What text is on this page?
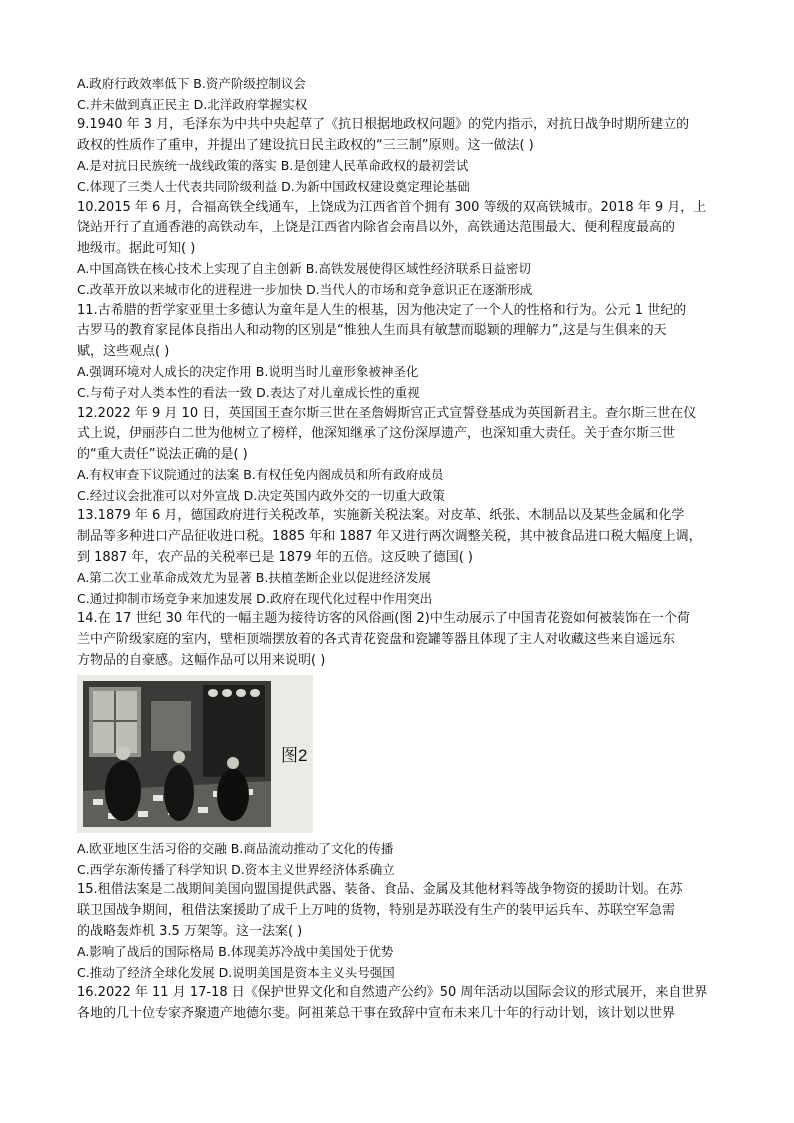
A.政府行政效率低下 B.资产阶级控制议会
C.并未做到真正民主 D.北洋政府掌握实权
9.1940 年 3 月，毛泽东为中共中央起草了《抗日根据地政权问题》的党内指示，对抗日战争时期所建立的
政权的性质作了重申，并提出了建设抗日民主政权的“三三制”原则。这一做法( )
A.是对抗日民族统一战线政策的落实 B.是创建人民革命政权的最初尝试
C.体现了三类人士代表共同阶级利益 D.为新中国政权建设奠定理论基础
10.2015 年 6 月，合福高铁全线通车，上饶成为江西省首个拥有 300 等级的双高铁城市。2018 年 9 月，上
饶站开行了直通香港的高铁动车，上饶是江西省内除省会南昌以外，高铁通达范围最大、便利程度最高的
地级市。据此可知( )
A.中国高铁在核心技术上实现了自主创新 B.高铁发展使得区域性经济联系日益密切
C.改革开放以来城市化的进程进一步加快 D.当代人的市场和竞争意识正在逐渐形成
11.古希腊的哲学家亚里士多德认为童年是人生的根基，因为他决定了一个人的性格和行为。公元 1 世纪的
古罗马的教育家昆体良指出人和动物的区别是“惟独人生而具有敏慧而聪颖的理解力”,这是与生俱来的天
赋，这些观点( )
A.强调环境对人成长的决定作用 B.说明当时儿童形象被神圣化
C.与荀子对人类本性的看法一致 D.表达了对儿童成长性的重视
12.2022 年 9 月 10 日，英国国王查尔斯三世在圣詹姆斯宫正式宣誓登基成为英国新君主。查尔斯三世在仪
式上说，伊丽莎白二世为他树立了榜样，他深知继承了这份深厚遗产，也深知重大责任。关于查尔斯三世
的“重大责任”说法正确的是( )
A.有权审查下议院通过的法案 B.有权任免内阁成员和所有政府成员
C.经过议会批准可以对外宣战 D.决定英国内政外交的一切重大政策
13.1879 年 6 月，德国政府进行关税改革，实施新关税法案。对皮革、纸张、木制品以及某些金属和化学
制品等多种进口产品征收进口税。1885 年和 1887 年又进行两次调整关税，其中被食品进口税大幅度上调，
到 1887 年，农产品的关税率已是 1879 年的五倍。这反映了德国( )
A.第二次工业革命成效尤为显著 B.扶植垄断企业以促进经济发展
C.通过抑制市场竞争来加速发展 D.政府在现代化过程中作用突出
14.在 17 世纪 30 年代的一幅主题为接待访客的风俗画(图 2)中生动展示了中国青花瓷如何被装饰在一个荷
兰中产阶级家庭的室内，壁柜顶端摆放着的各式青花瓷盘和瓷罐等器且体现了主人对收藏这些来自遥远东
方物品的自豪感。这幅作品可以用来说明( )
图2
A.欧亚地区生活习俗的交融 B.商品流动推动了文化的传播
C.西学东渐传播了科学知识 D.资本主义世界经济体系确立
15.租借法案是二战期间美国向盟国提供武器、装备、食品、金属及其他材料等战争物资的援助计划。在苏
联卫国战争期间，租借法案援助了成千上万吨的货物，特别是苏联没有生产的装甲运兵车、苏联空军急需
的战略轰炸机 3.5 万架等。这一法案( )
A.影响了战后的国际格局 B.体现美苏冷战中美国处于优势
C.推动了经济全球化发展 D.说明美国是资本主义头号强国
16.2022 年 11 月 17-18 日《保护世界文化和自然遗产公约》50 周年活动以国际会议的形式展开，来自世界
各地的几十位专家齐聚遗产地德尔斐。阿祖莱总干事在致辞中宣布未来几十年的行动计划，该计划以世界
